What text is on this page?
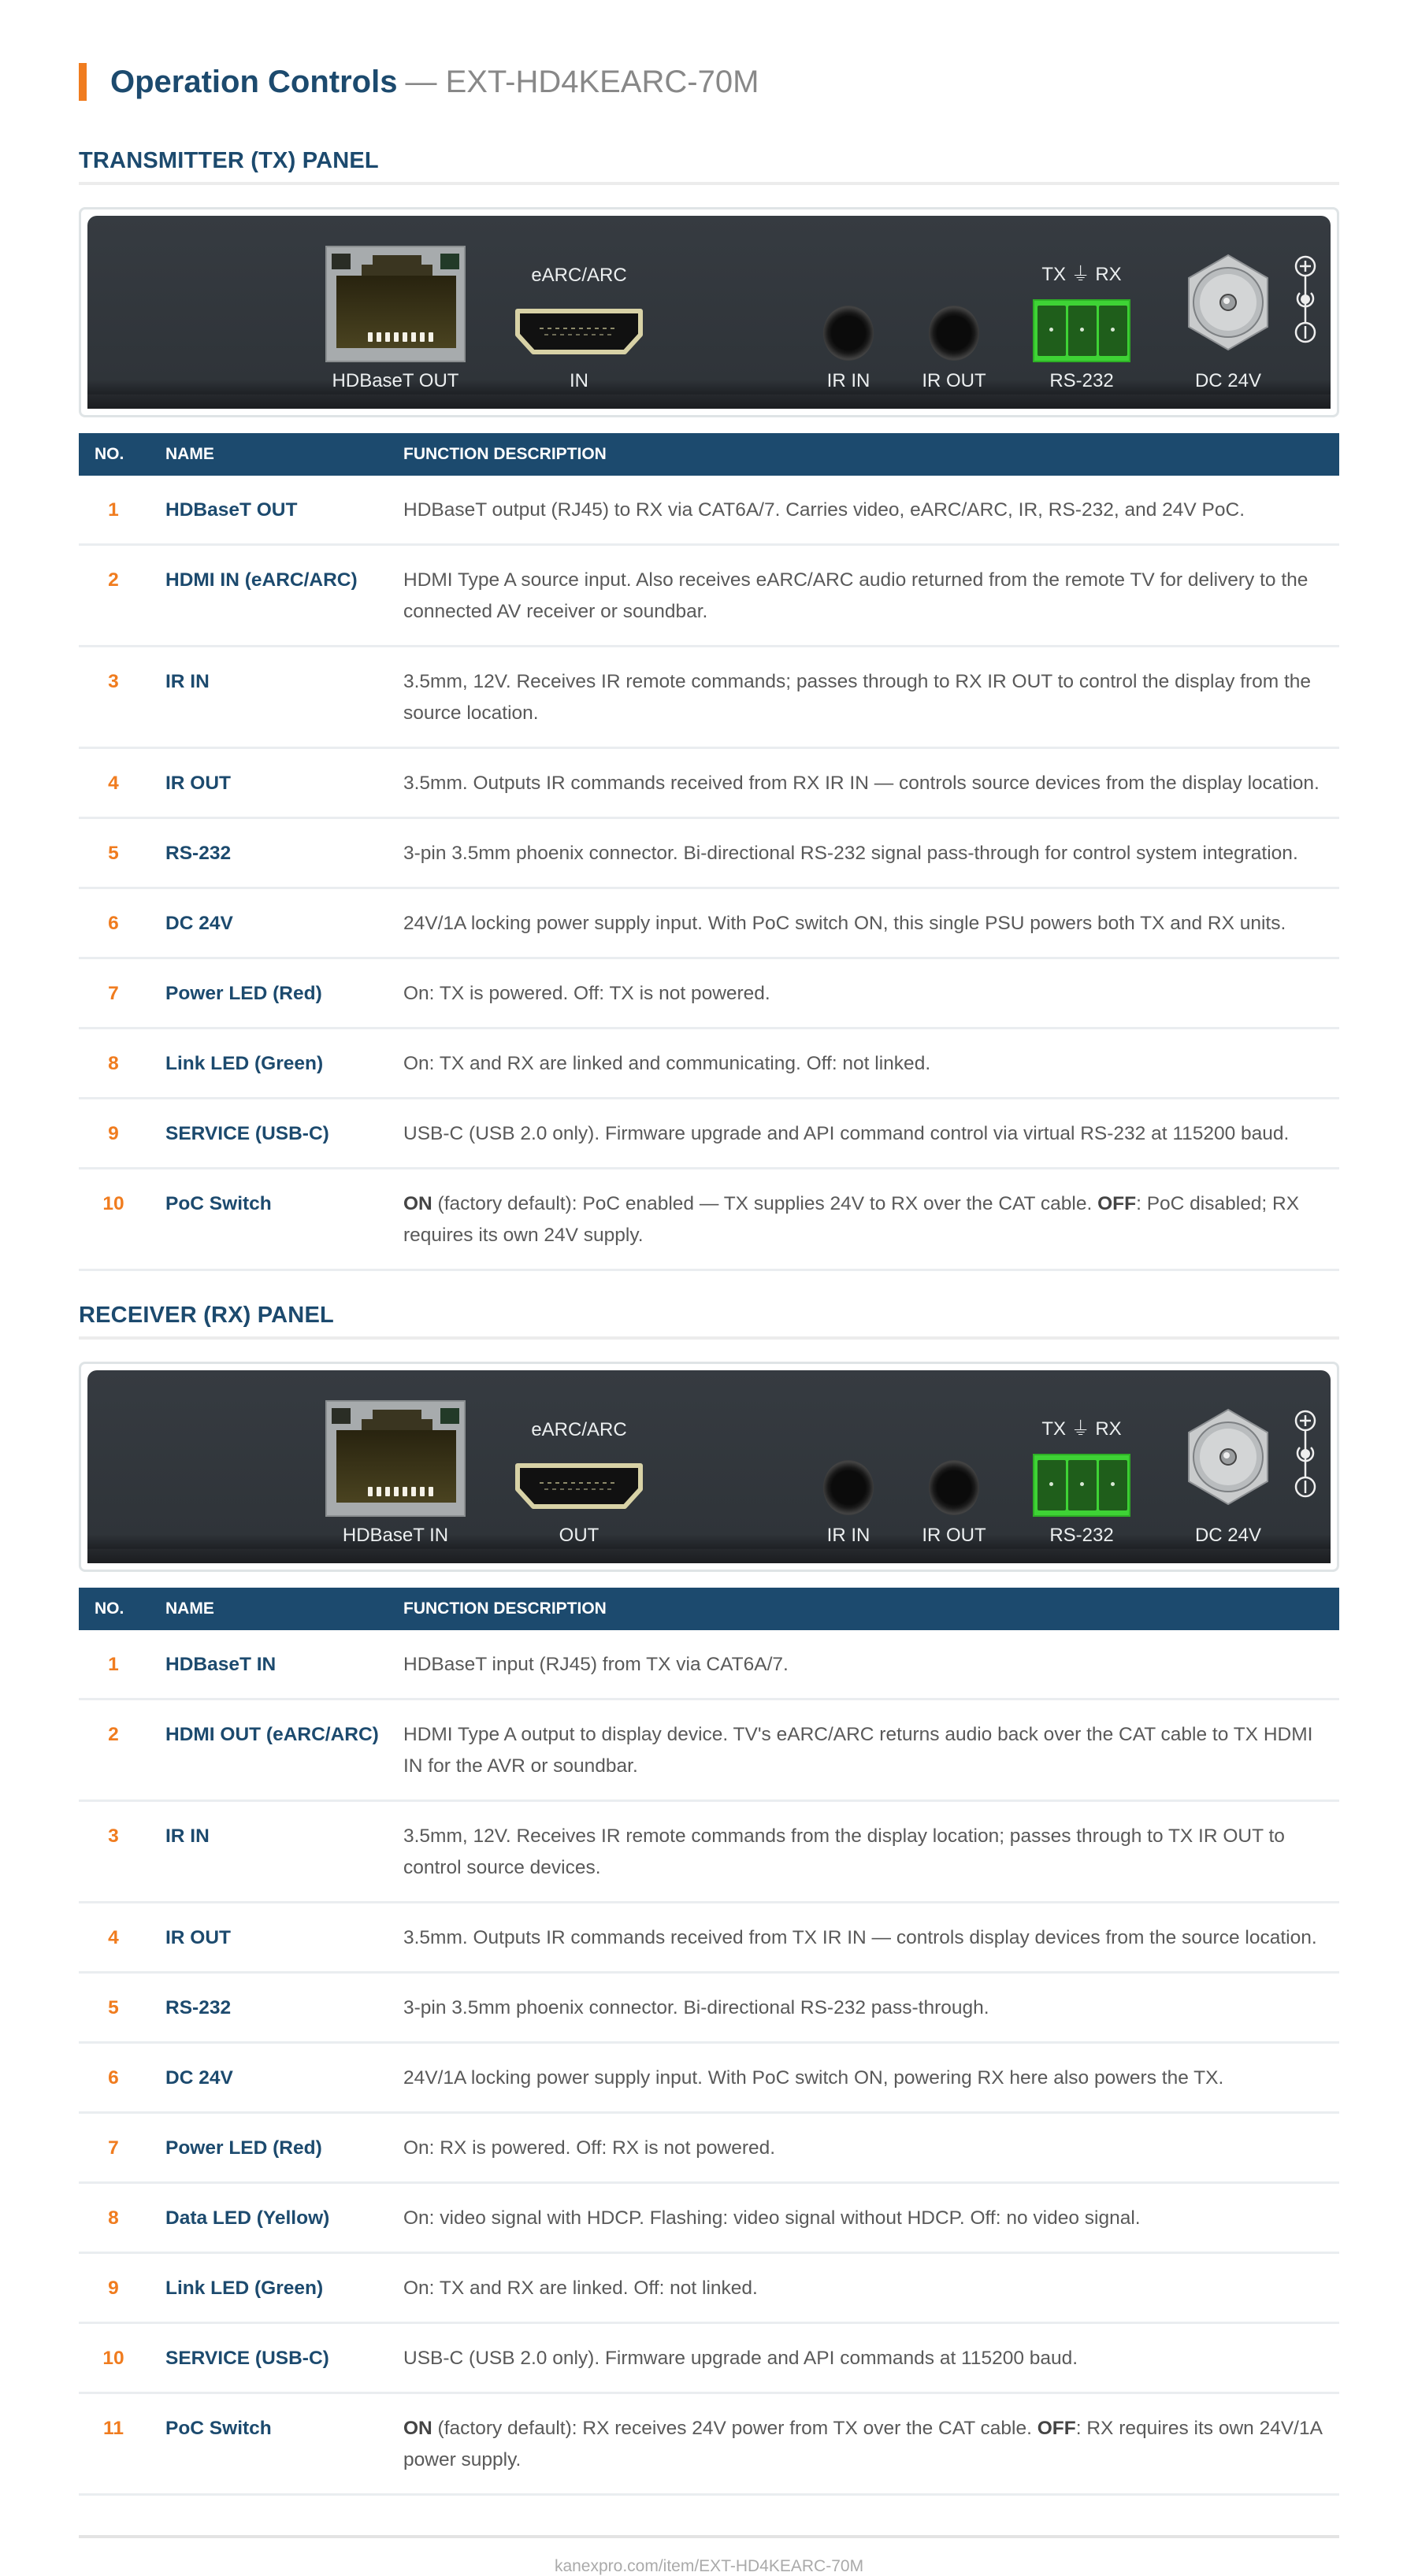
Operation Controls — EXT-HD4KEARC-70M
TRANSMITTER (TX) PANEL
HDBaseT OUT
eARC/ARC
IN	IR IN	IR OUT
TX ⏚ RX
RS-232	DC 24V
NO.	NAME	FUNCTION DESCRIPTION
1	HDBaseT OUT	HDBaseT output (RJ45) to RX via CAT6A/7. Carries video, eARC/ARC, IR, RS-232, and 24V PoC.
2	HDMI IN (eARC/ARC)	HDMI Type A source input. Also receives eARC/ARC audio returned from the remote TV for delivery to the connected AV receiver or soundbar.
3	IR IN	3.5mm, 12V. Receives IR remote commands; passes through to RX IR OUT to control the display from the source location.
4	IR OUT	3.5mm. Outputs IR commands received from RX IR IN — controls source devices from the display location.
5	RS-232	3-pin 3.5mm phoenix connector. Bi-directional RS-232 signal pass-through for control system integration.
6	DC 24V	24V/1A locking power supply input. With PoC switch ON, this single PSU powers both TX and RX units.
7	Power LED (Red)	On: TX is powered. Off: TX is not powered.
8	Link LED (Green)	On: TX and RX are linked and communicating. Off: not linked.
9	SERVICE (USB-C)	USB-C (USB 2.0 only). Firmware upgrade and API command control via virtual RS-232 at 115200 baud.
10	PoC Switch	ON (factory default): PoC enabled — TX supplies 24V to RX over the CAT cable. OFF: PoC disabled; RX requires its own 24V supply.
RECEIVER (RX) PANEL
HDBaseT IN
eARC/ARC
OUT	IR IN	IR OUT
TX ⏚ RX
RS-232	DC 24V
NO.	NAME	FUNCTION DESCRIPTION
1	HDBaseT IN	HDBaseT input (RJ45) from TX via CAT6A/7.
2	HDMI OUT (eARC/ARC)	HDMI Type A output to display device. TV's eARC/ARC returns audio back over the CAT cable to TX HDMI IN for the AVR or soundbar.
3	IR IN	3.5mm, 12V. Receives IR remote commands from the display location; passes through to TX IR OUT to control source devices.
4	IR OUT	3.5mm. Outputs IR commands received from TX IR IN — controls display devices from the source location.
5	RS-232	3-pin 3.5mm phoenix connector. Bi-directional RS-232 pass-through.
6	DC 24V	24V/1A locking power supply input. With PoC switch ON, powering RX here also powers the TX.
7	Power LED (Red)	On: RX is powered. Off: RX is not powered.
8	Data LED (Yellow)	On: video signal with HDCP. Flashing: video signal without HDCP. Off: no video signal.
9	Link LED (Green)	On: TX and RX are linked. Off: not linked.
10	SERVICE (USB-C)	USB-C (USB 2.0 only). Firmware upgrade and API commands at 115200 baud.
11	PoC Switch	ON (factory default): RX receives 24V power from TX over the CAT cable. OFF: RX requires its own 24V/1A power supply.
kanexpro.com/item/EXT-HD4KEARC-70M
